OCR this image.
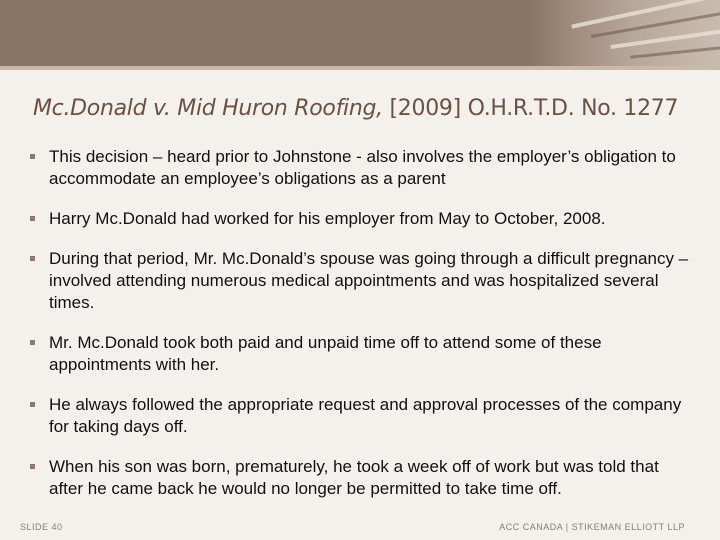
Mc.Donald v. Mid Huron Roofing, [2009] O.H.R.T.D. No. 1277
This decision – heard prior to Johnstone - also involves the employer’s obligation to accommodate an employee’s obligations as a parent
Harry Mc.Donald had worked for his employer from May to October, 2008.
During that period, Mr. Mc.Donald’s spouse was going through a difficult pregnancy – involved attending numerous medical appointments and was hospitalized several times.
Mr. Mc.Donald took both paid and unpaid time off to attend some of these appointments with her.
He always followed the appropriate request and approval processes of the company for taking days off.
When his son was born, prematurely, he took a week off of work but was told that after he came back he would no longer be permitted to take time off.
SLIDE 40	ACC CANADA | STIKEMAN ELLIOTT LLP
